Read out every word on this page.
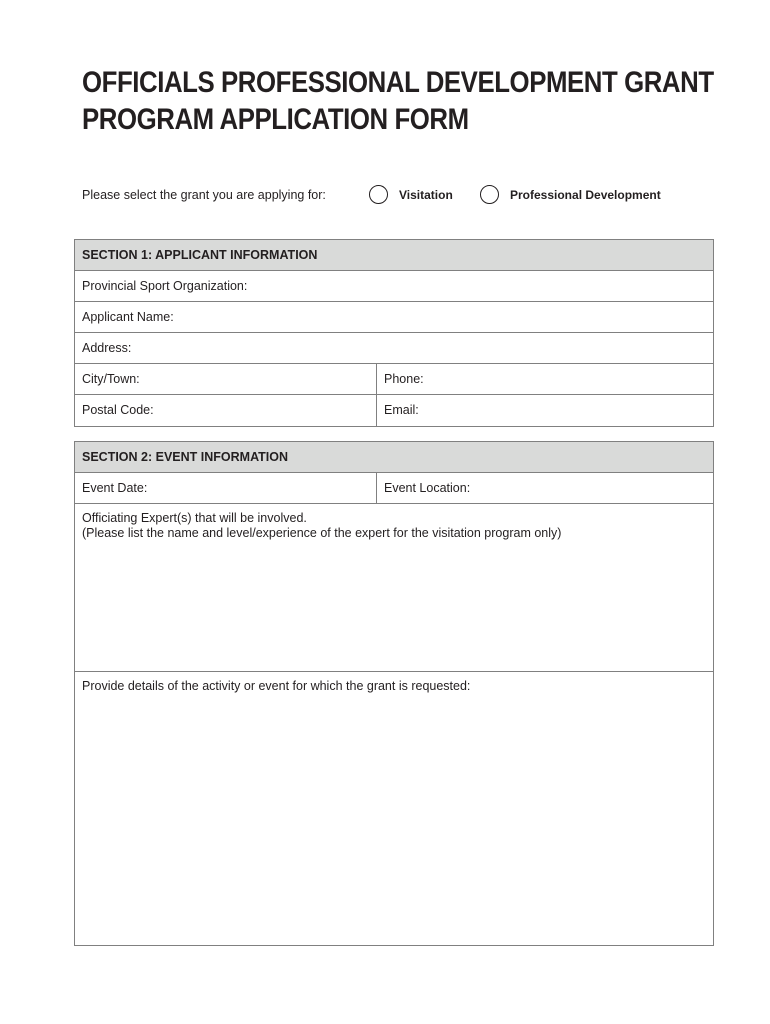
OFFICIALS PROFESSIONAL DEVELOPMENT GRANT
PROGRAM APPLICATION FORM
Please select the grant you are applying for:	Visitation	Professional Development
SECTION 1: APPLICANT INFORMATION
Provincial Sport Organization:
Applicant Name:
Address:
City/Town:	Phone:
Postal Code:	Email:
SECTION 2: EVENT INFORMATION
Event Date:	Event Location:

Officiating Expert(s) that will be involved.

(Please list the name and level/experience of the expert for the visitation program only)

Provide details of the activity or event for which the grant is requested:
